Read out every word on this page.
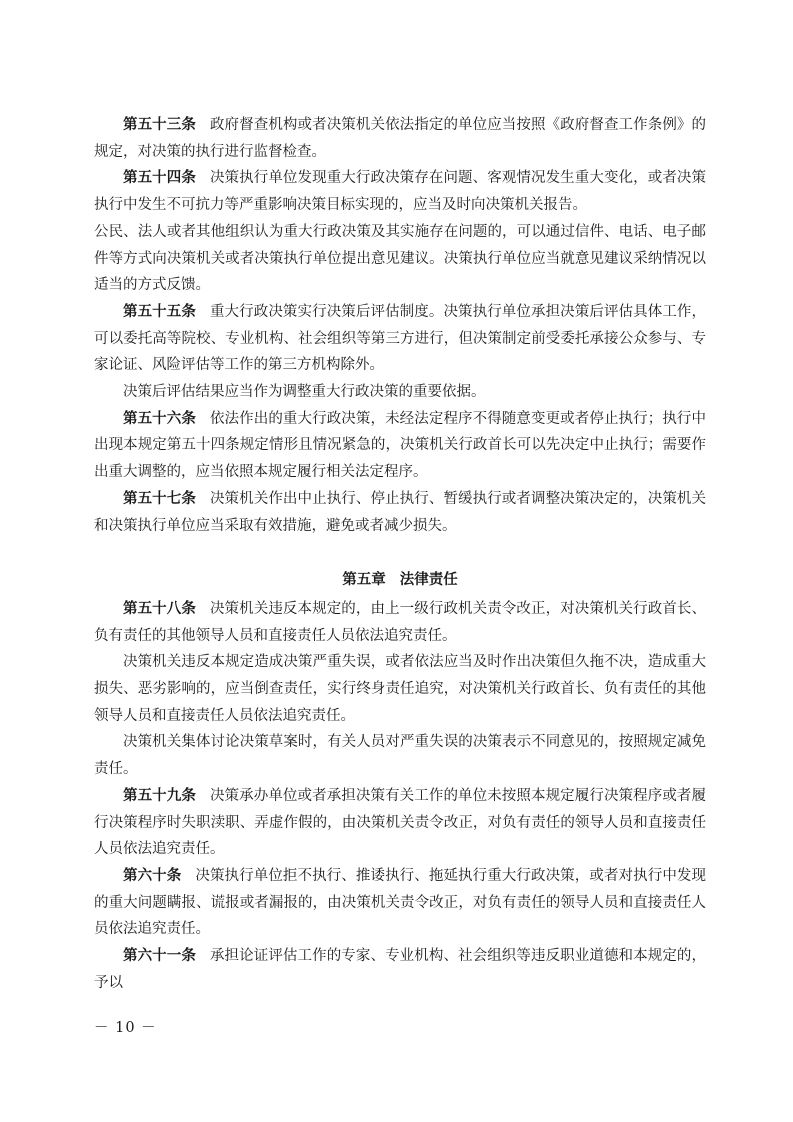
第五十三条 政府督查机构或者决策机关依法指定的单位应当按照《政府督查工作条例》的规定，对决策的执行进行监督检查。

第五十四条 决策执行单位发现重大行政决策存在问题、客观情况发生重大变化，或者决策执行中发生不可抗力等严重影响决策目标实现的，应当及时向决策机关报告。

公民、法人或者其他组织认为重大行政决策及其实施存在问题的，可以通过信件、电话、电子邮件等方式向决策机关或者决策执行单位提出意见建议。决策执行单位应当就意见建议采纳情况以适当的方式反馈。

第五十五条 重大行政决策实行决策后评估制度。决策执行单位承担决策后评估具体工作，可以委托高等院校、专业机构、社会组织等第三方进行，但决策制定前受委托承接公众参与、专家论证、风险评估等工作的第三方机构除外。

决策后评估结果应当作为调整重大行政决策的重要依据。

第五十六条 依法作出的重大行政决策，未经法定程序不得随意变更或者停止执行；执行中出现本规定第五十四条规定情形且情况紧急的，决策机关行政首长可以先决定中止执行；需要作出重大调整的，应当依照本规定履行相关法定程序。

第五十七条 决策机关作出中止执行、停止执行、暂缓执行或者调整决策决定的，决策机关和决策执行单位应当采取有效措施，避免或者减少损失。

第五章 法律责任

第五十八条 决策机关违反本规定的，由上一级行政机关责令改正，对决策机关行政首长、负有责任的其他领导人员和直接责任人员依法追究责任。

决策机关违反本规定造成决策严重失误，或者依法应当及时作出决策但久拖不决，造成重大损失、恶劣影响的，应当倒查责任，实行终身责任追究，对决策机关行政首长、负有责任的其他领导人员和直接责任人员依法追究责任。

决策机关集体讨论决策草案时，有关人员对严重失误的决策表示不同意见的，按照规定减免责任。

第五十九条 决策承办单位或者承担决策有关工作的单位未按照本规定履行决策程序或者履行决策程序时失职渎职、弄虚作假的，由决策机关责令改正，对负有责任的领导人员和直接责任人员依法追究责任。

第六十条 决策执行单位拒不执行、推诿执行、拖延执行重大行政决策，或者对执行中发现的重大问题瞒报、谎报或者漏报的，由决策机关责令改正，对负有责任的领导人员和直接责任人员依法追究责任。

第六十一条 承担论证评估工作的专家、专业机构、社会组织等违反职业道德和本规定的，予以

－ 10 －
